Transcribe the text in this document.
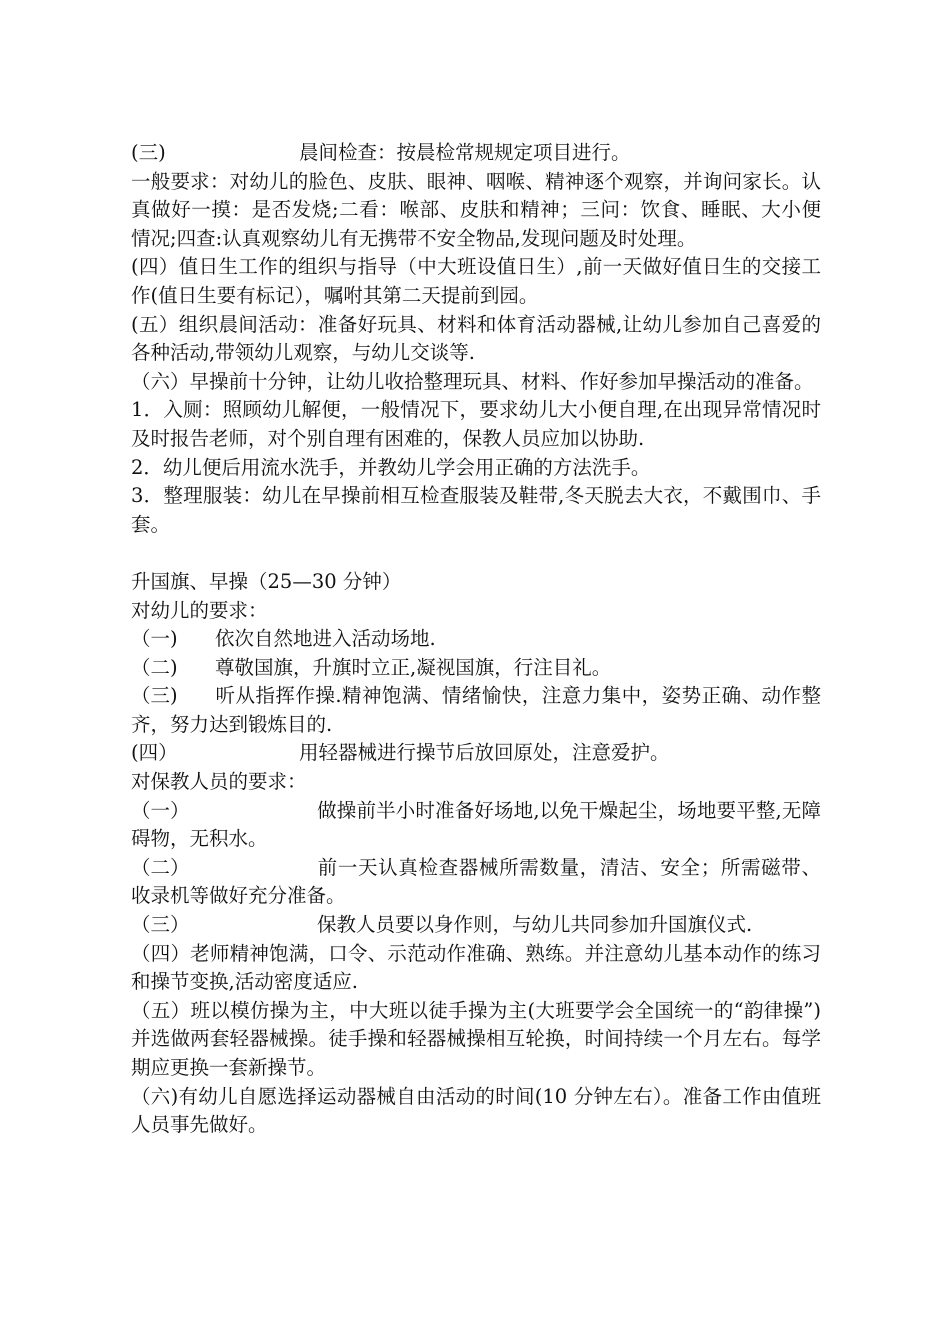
(三)	晨间检查：按晨检常规规定项目进行。

一般要求：对幼儿的脸色、皮肤、眼神、咽喉、精神逐个观察，并询问家长。认真做好一摸：是否发烧;二看：喉部、皮肤和精神；三问：饮食、睡眠、大小便 情况;四查:认真观察幼儿有无携带不安全物品,发现问题及时处理。

(四）值日生工作的组织与指导（中大班设值日生）,前一天做好值日生的交接工作(值日生要有标记），嘱咐其第二天提前到园。

(五）组织晨间活动：准备好玩具、材料和体育活动器械,让幼儿参加自己喜爱的各种活动,带领幼儿观察，与幼儿交谈等.

（六）早操前十分钟，让幼儿收拾整理玩具、材料、作好参加早操活动的准备。

1．入厕：照顾幼儿解便，一般情况下，要求幼儿大小便自理,在出现异常情况时及时报告老师，对个别自理有困难的，保教人员应加以协助.

2．幼儿便后用流水洗手，并教幼儿学会用正确的方法洗手。

3．整理服装：幼儿在早操前相互检查服装及鞋带,冬天脱去大衣，不戴围巾、手套。

升国旗、早操（25—30 分钟）

对幼儿的要求：

（一) 依次自然地进入活动场地.

（二) 尊敬国旗，升旗时立正,凝视国旗，行注目礼。

（三) 听从指挥作操.精神饱满、情绪愉快，注意力集中，姿势正确、动作整齐，努力达到锻炼目的.

(四）	用轻器械进行操节后放回原处，注意爱护。

对保教人员的要求：

（一）	做操前半小时准备好场地,以免干燥起尘，场地要平整,无障碍物，无积水。

（二）	前一天认真检查器械所需数量，清洁、安全；所需磁带、收录机等做好充分准备。

（三）	保教人员要以身作则，与幼儿共同参加升国旗仪式.

（四）老师精神饱满，口令、示范动作准确、熟练。并注意幼儿基本动作的练习和操节变换,活动密度适应.

（五）班以模仿操为主，中大班以徒手操为主(大班要学会全国统一的“韵律操”)并选做两套轻器械操。徒手操和轻器械操相互轮换，时间持续一个月左右。每学期应更换一套新操节。

（六)有幼儿自愿选择运动器械自由活动的时间(10 分钟左右）。准备工作由值班人员事先做好。
